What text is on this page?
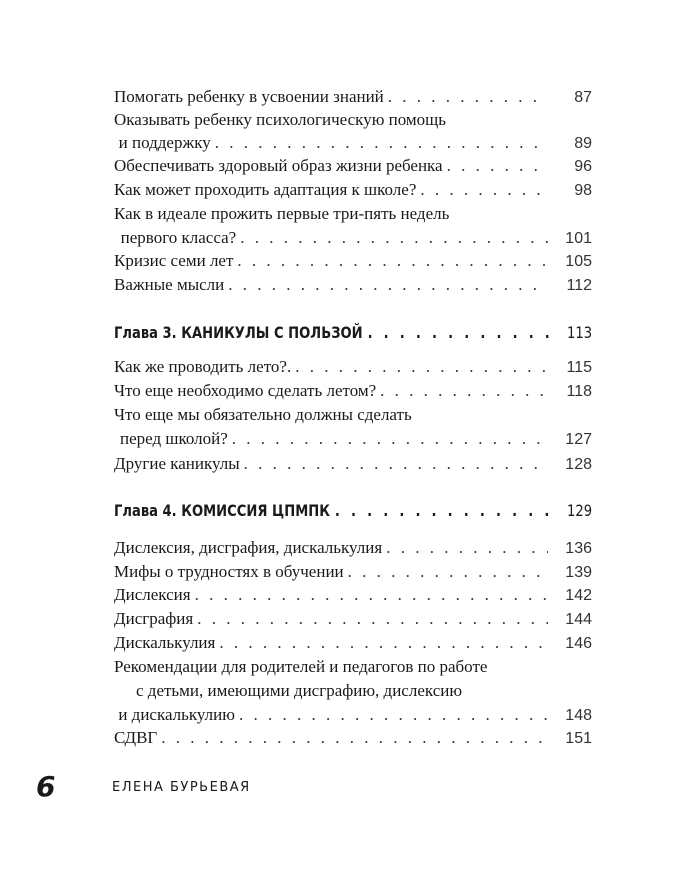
Помогать ребенку в усвоении знаний . . .	87
Оказывать ребенку психологическую помощь
и поддержку . . .	89
Обеспечивать здоровый образ жизни ребенка . . .	96
Как может проходить адаптация к школе? . . .	98
Как в идеале прожить первые три-пять недель
первого класса? . . .	101
Кризис семи лет . . .	105
Важные мысли . . .	112
Глава 3. КАНИКУЛЫ С ПОЛЬЗОЙ . . .	113
Как же проводить лето?. . . .	115
Что еще необходимо сделать летом? . . .	118
Что еще мы обязательно должны сделать
перед школой? . . .	127
Другие каникулы . . .	128
Глава 4. КОМИССИЯ ЦПМПК . . .	129
Дислексия, дисграфия, дискалькулия . . .	136
Мифы о трудностях в обучении . . .	139
Дислексия . . .	142
Дисграфия . . .	144
Дискалькулия . . .	146
Рекомендации для родителей и педагогов по работе
с детьми, имеющими дисграфию, дислексию
и дискалькулию . . .	148
СДВГ . . .	151
6	ЕЛЕНА БУРЬЕВАЯ
